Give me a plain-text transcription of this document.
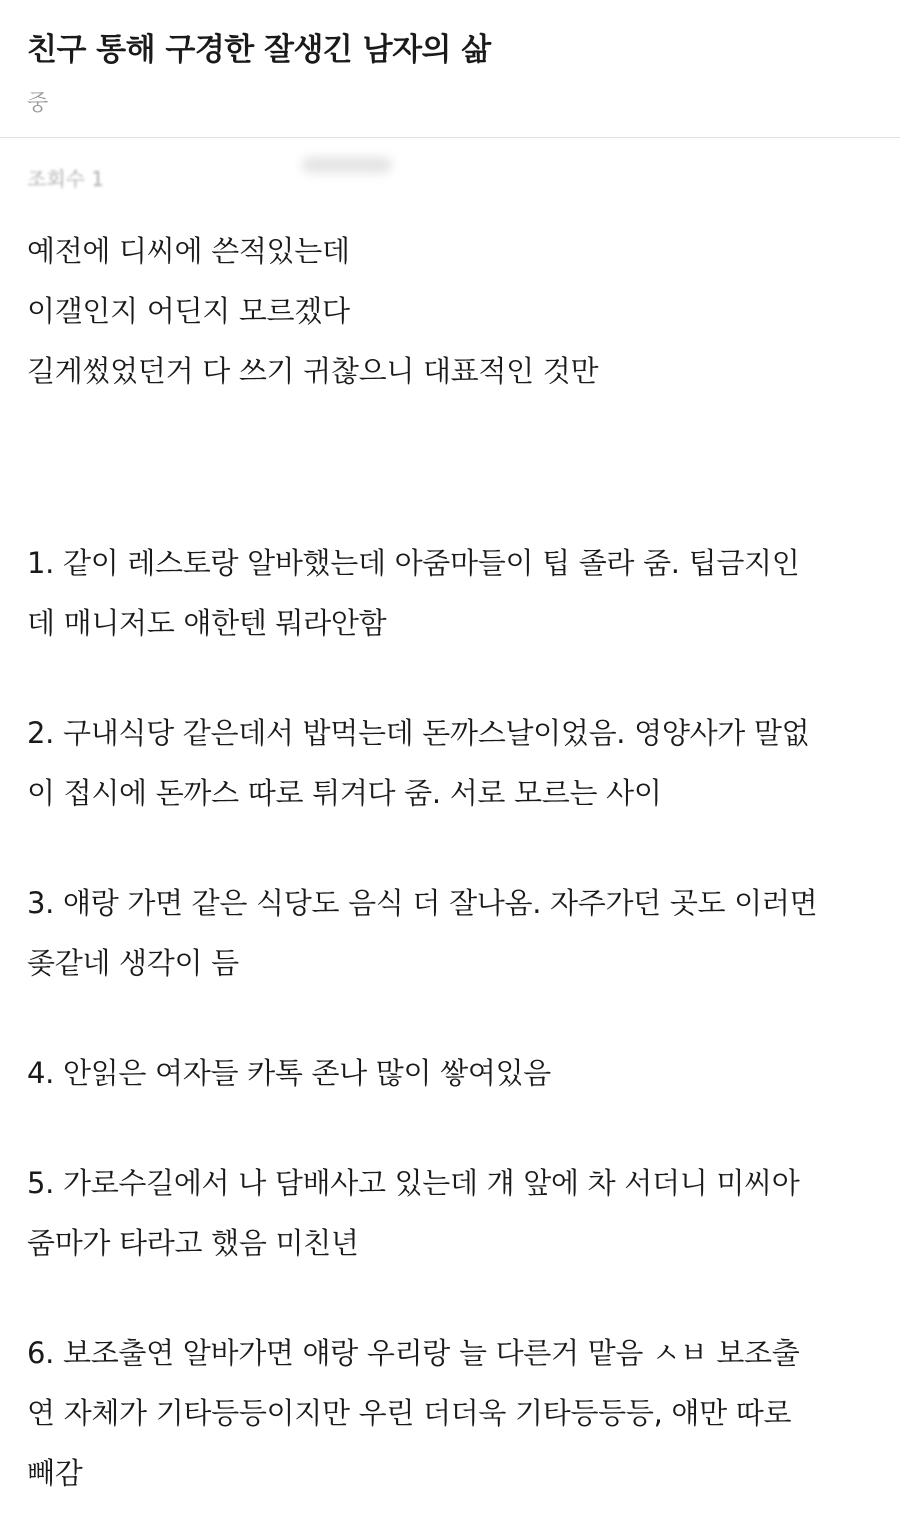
친구 통해 구경한 잘생긴 남자의 삶
중
조회수 1
예전에 디씨에 쓴적있는데
이갤인지 어딘지 모르겠다
길게썼었던거 다 쓰기 귀찮으니 대표적인 것만
1. 같이 레스토랑 알바했는데 아줌마들이 팁 졸라 줌. 팁금지인
데 매니저도 얘한텐 뭐라안함
2. 구내식당 같은데서 밥먹는데 돈까스날이었음. 영양사가 말없
이 접시에 돈까스 따로 튀겨다 줌. 서로 모르는 사이
3. 얘랑 가면 같은 식당도 음식 더 잘나옴. 자주가던 곳도 이러면
좆같네 생각이 듬
4. 안읽은 여자들 카톡 존나 많이 쌓여있음
5. 가로수길에서 나 담배사고 있는데 걔 앞에 차 서더니 미씨아
줌마가 타라고 했음 미친년
6. 보조출연 알바가면 얘랑 우리랑 늘 다른거 맡음 ㅅㅂ 보조출
연 자체가 기타등등이지만 우린 더더욱 기타등등등, 얘만 따로
빼감
